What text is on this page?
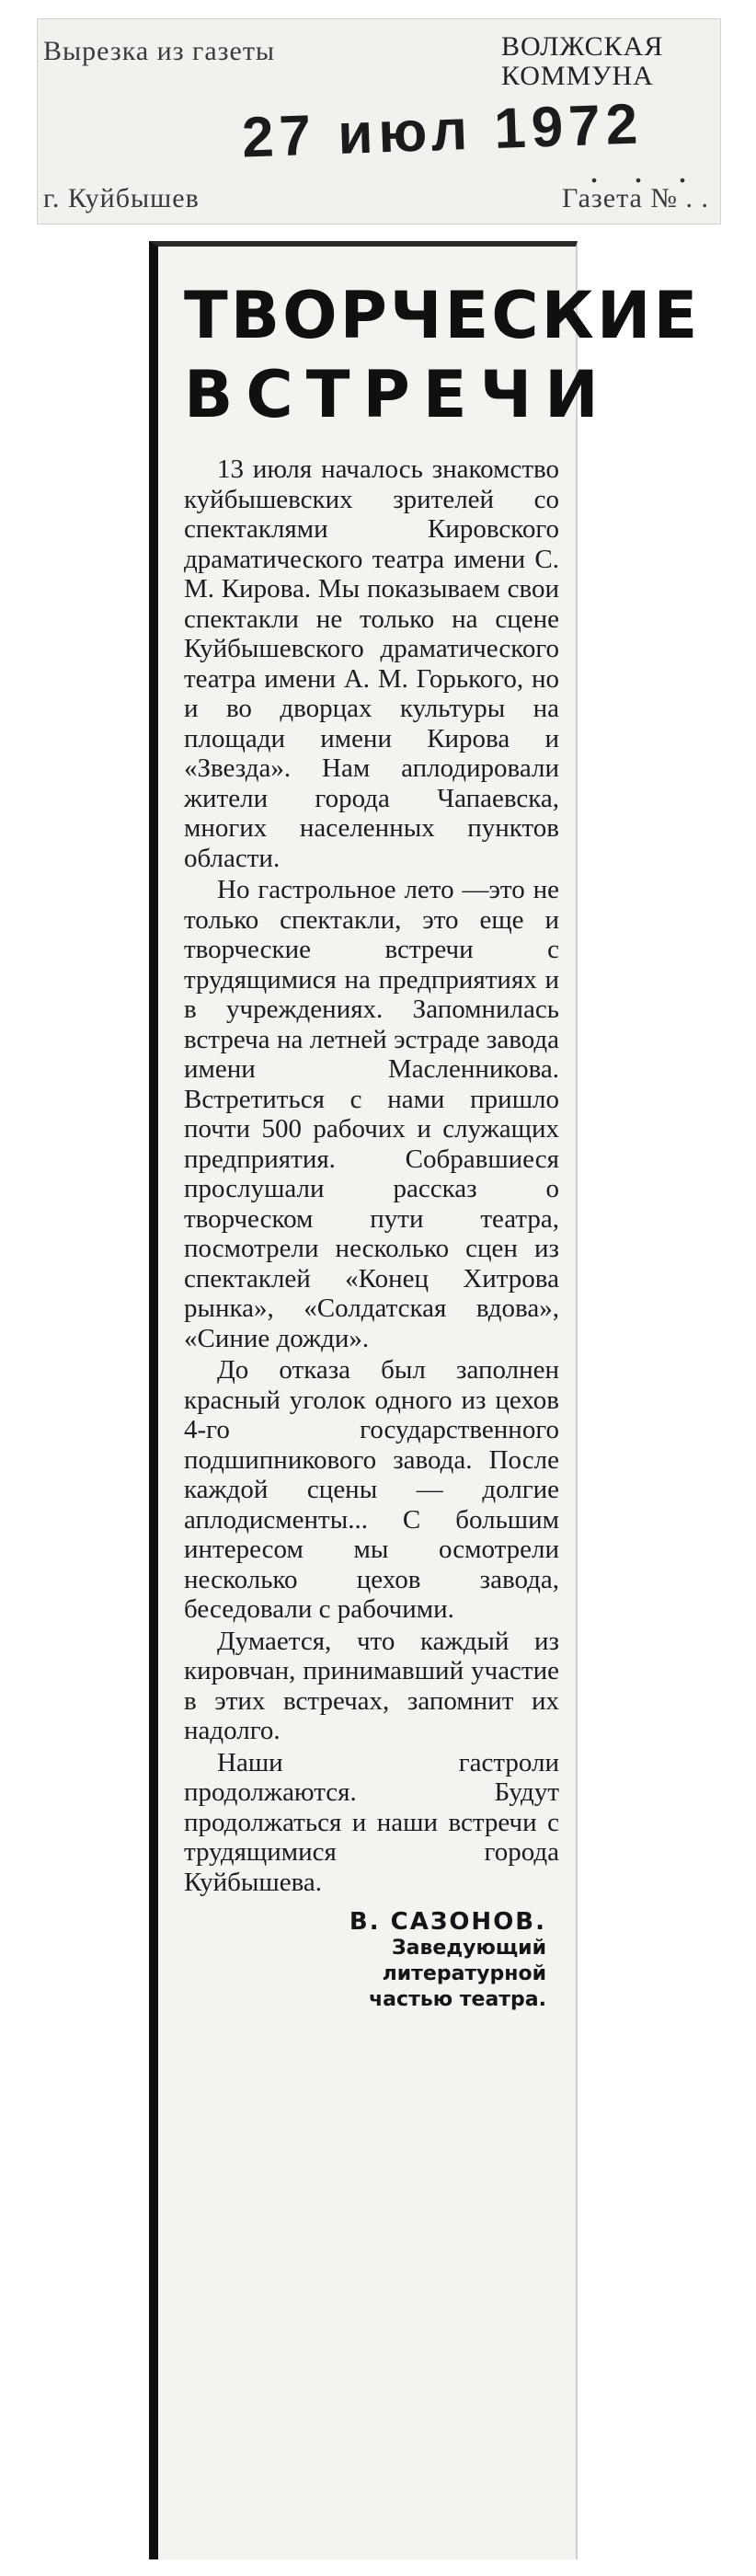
Вырезка из газеты	ВОЛЖСКАЯ
КОММУНА
27 июл 1972
. . .
г. Куйбышев	Газета № . .
ТВОРЧЕСКИЕ
ВСТРЕЧИ

13 июля началось знакомство куйбышевских зрителей со спектаклями Кировского драматического театра имени С. М. Кирова. Мы показываем свои спектакли не только на сцене Куйбышевского драматического театра имени А. М. Горького, но и во дворцах культуры на площади имени Кирова и «Звезда». Нам аплодировали жители города Чапаевска, многих населенных пунктов области.

Но гастрольное лето —это не только спектакли, это еще и творческие встречи с трудящимися на предприятиях и в учреждениях. Запомнилась встреча на летней эстраде завода имени Масленникова. Встретиться с нами пришло почти 500 рабочих и служащих предприятия. Собравшиеся прослушали рассказ о творческом пути театра, посмотрели несколько сцен из спектаклей «Конец Хитрова рынка», «Солдатская вдова», «Синие дожди».

До отказа был заполнен красный уголок одного из цехов 4-го государственного подшипникового завода. После каждой сцены — долгие аплодисменты... С большим интересом мы осмотрели несколько цехов завода, беседовали с рабочими.

Думается, что каждый из кировчан, принимавший участие в этих встречах, запомнит их надолго.

Наши гастроли продолжаются. Будут продолжаться и наши встречи с трудящимися города Куйбышева.

В. САЗОНОВ.
Заведующий
литературной
частью театра.
